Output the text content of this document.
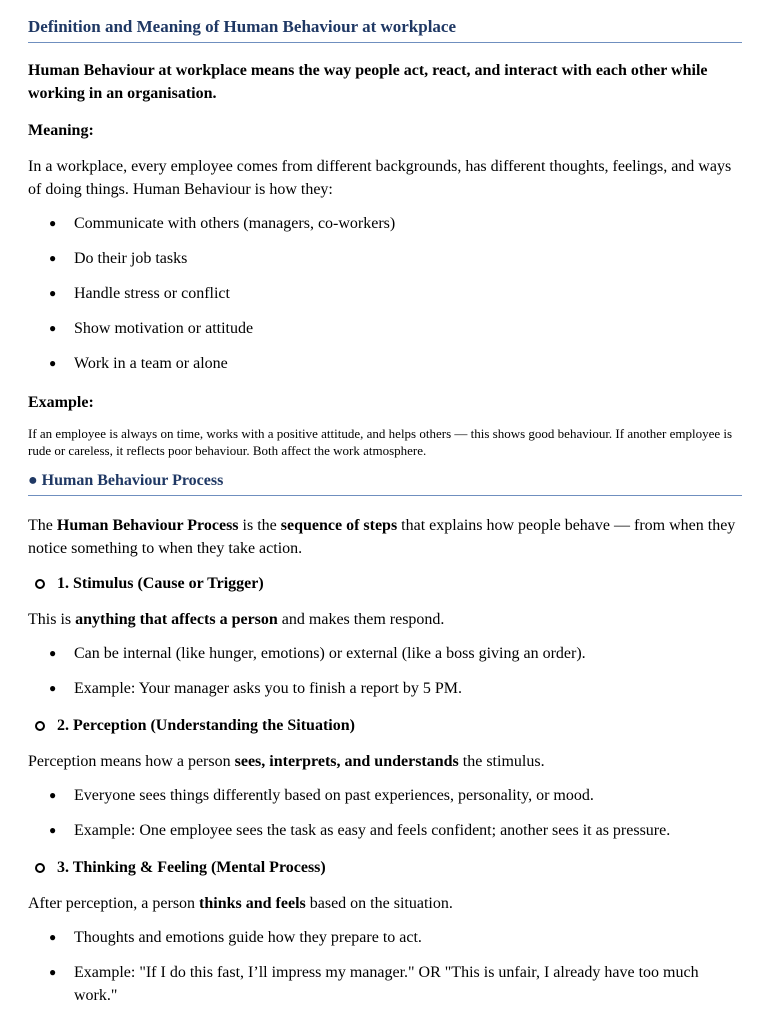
Definition and Meaning of Human Behaviour at workplace

Human Behaviour at workplace means the way people act, react, and interact with each other while working in an organisation.

Meaning:

In a workplace, every employee comes from different backgrounds, has different thoughts, feelings, and ways of doing things. Human Behaviour is how they:

● Communicate with others (managers, co-workers)
● Do their job tasks
● Handle stress or conflict
● Show motivation or attitude
● Work in a team or alone

Example:

If an employee is always on time, works with a positive attitude, and helps others — this shows good behaviour. If another employee is rude or careless, it reflects poor behaviour. Both affect the work atmosphere.

● Human Behaviour Process

The Human Behaviour Process is the sequence of steps that explains how people behave — from when they notice something to when they take action.

1. Stimulus (Cause or Trigger)

This is anything that affects a person and makes them respond.

● Can be internal (like hunger, emotions) or external (like a boss giving an order).
● Example: Your manager asks you to finish a report by 5 PM.
2. Perception (Understanding the Situation)

Perception means how a person sees, interprets, and understands the stimulus.

● Everyone sees things differently based on past experiences, personality, or mood.
● Example: One employee sees the task as easy and feels confident; another sees it as pressure.
3. Thinking & Feeling (Mental Process)

After perception, a person thinks and feels based on the situation.

● Thoughts and emotions guide how they prepare to act.
● Example: "If I do this fast, I’ll impress my manager." OR "This is unfair, I already have too much work."
